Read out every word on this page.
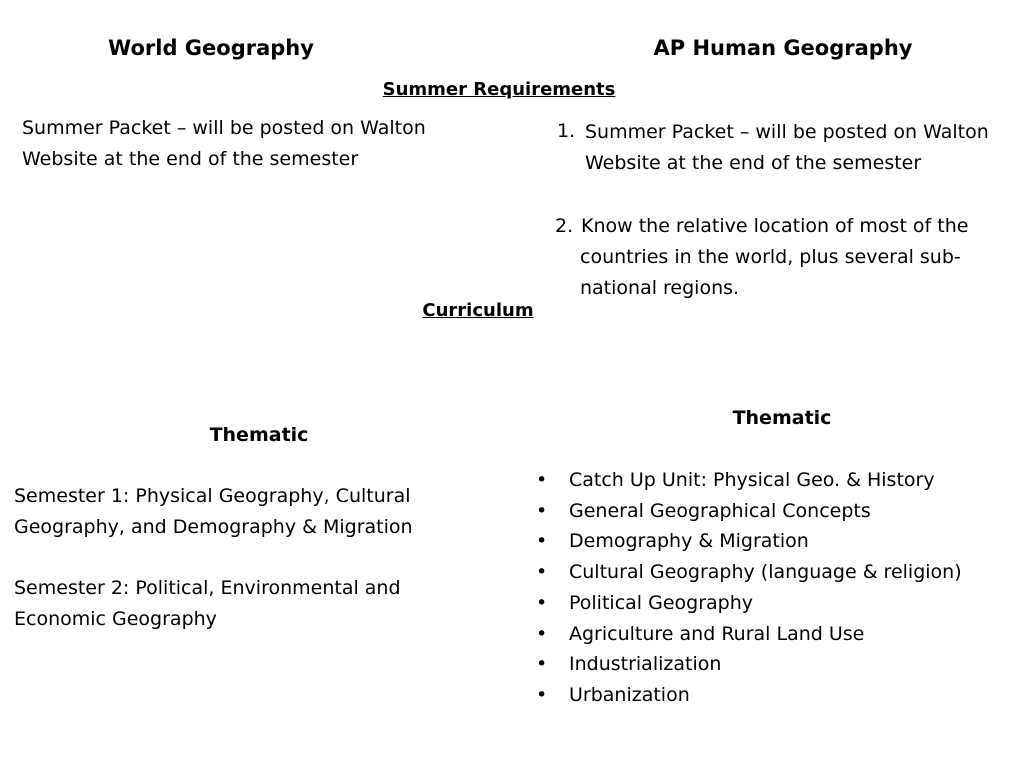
World Geography	AP Human Geography
Summer Requirements
Curriculum
Summer Packet – will be posted on Walton
Website at the end of the semester
1. Summer Packet – will be posted on Walton
Website at the end of the semester
2. Know the relative location of most of the
countries in the world, plus several sub-
national regions.
Thematic
Semester 1: Physical Geography, Cultural
Geography, and Demography & Migration
Semester 2: Political, Environmental and
Economic Geography
Thematic
• Catch Up Unit: Physical Geo. & History
• General Geographical Concepts
• Demography & Migration
• Cultural Geography (language & religion)
• Political Geography
• Agriculture and Rural Land Use
• Industrialization
• Urbanization
